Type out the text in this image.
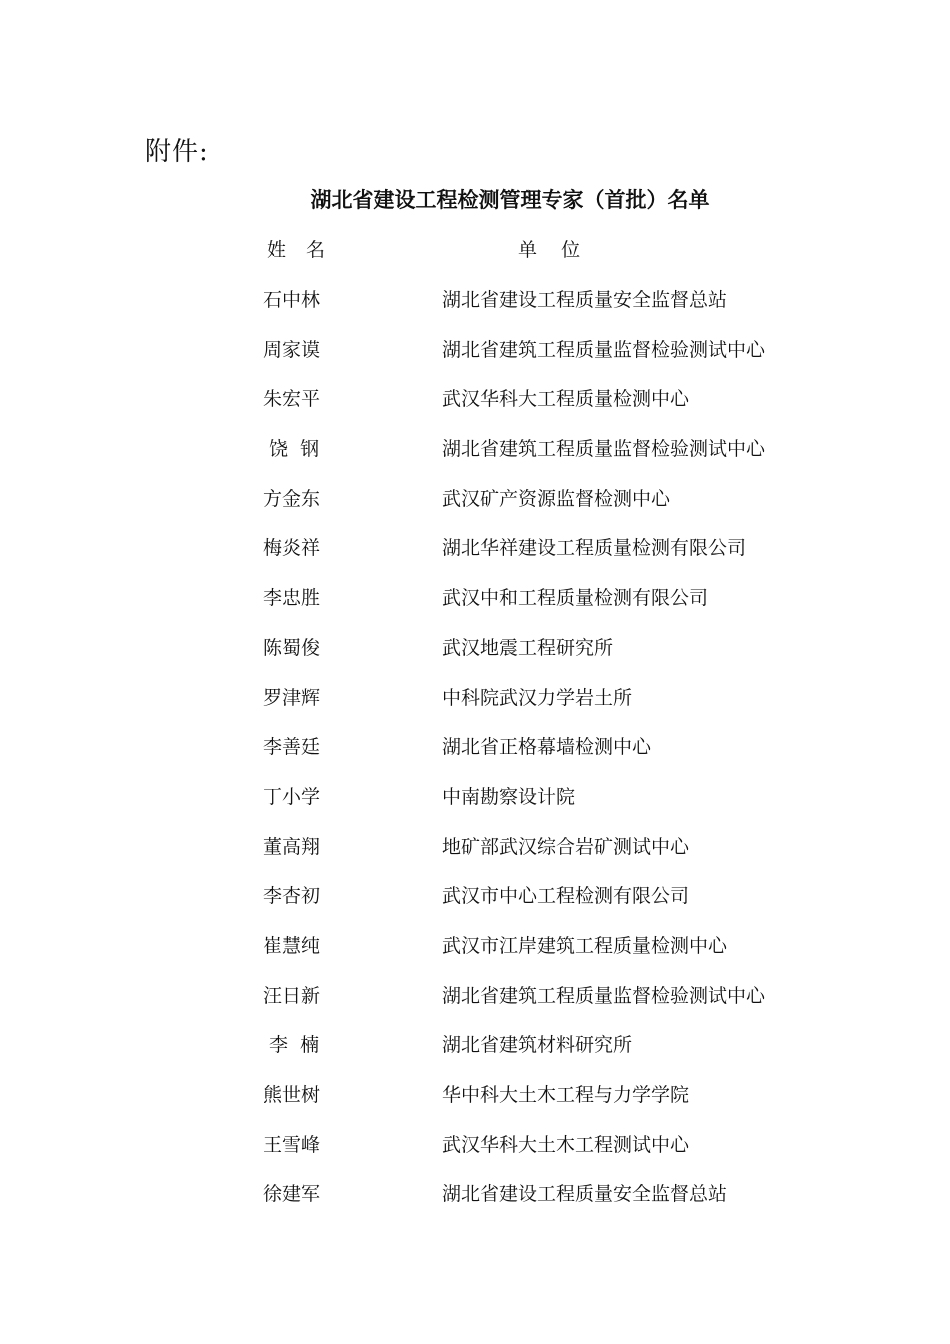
附件:
湖北省建设工程检测管理专家（首批）名单
姓 名	单    位
石中林	湖北省建设工程质量安全监督总站
周家谟	湖北省建筑工程质量监督检验测试中心
朱宏平	武汉华科大工程质量检测中心
饶  钢	湖北省建筑工程质量监督检验测试中心
方金东	武汉矿产资源监督检测中心
梅炎祥	湖北华祥建设工程质量检测有限公司
李忠胜	武汉中和工程质量检测有限公司
陈蜀俊	武汉地震工程研究所
罗津辉	中科院武汉力学岩土所
李善廷	湖北省正格幕墙检测中心
丁小学	中南勘察设计院
董高翔	地矿部武汉综合岩矿测试中心
李杏初	武汉市中心工程检测有限公司
崔慧纯	武汉市江岸建筑工程质量检测中心
汪日新	湖北省建筑工程质量监督检验测试中心
李  楠	湖北省建筑材料研究所
熊世树	华中科大土木工程与力学学院
王雪峰	武汉华科大土木工程测试中心
徐建军	湖北省建设工程质量安全监督总站
